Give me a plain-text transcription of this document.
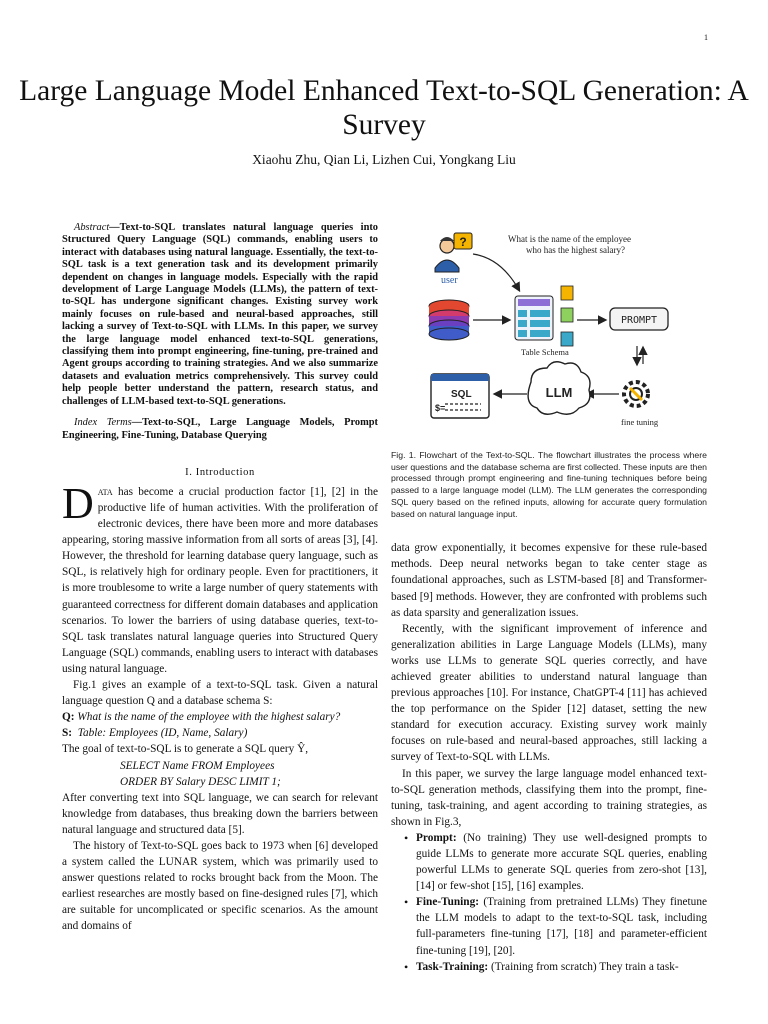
1
Large Language Model Enhanced Text-to-SQL Generation: A Survey
Xiaohu Zhu, Qian Li, Lizhen Cui, Yongkang Liu

Abstract—Text-to-SQL translates natural language queries into Structured Query Language (SQL) commands, enabling users to interact with databases using natural language. Essentially, the text-to-SQL task is a text generation task and its development primarily dependent on changes in language models. Especially with the rapid development of Large Language Models (LLMs), the pattern of text-to-SQL has undergone significant changes. Existing survey work mainly focuses on rule-based and neural-based approaches, still lacking a survey of Text-to-SQL with LLMs. In this paper, we survey the large language model enhanced text-to-SQL generations, classifying them into prompt engineering, fine-tuning, pre-trained and Agent groups according to training strategies. And we also summarize datasets and evaluation metrics comprehensively. This survey could help people better understand the pattern, research status, and challenges of LLM-based text-to-SQL generations.

Index Terms—Text-to-SQL, Large Language Models, Prompt Engineering, Fine-Tuning, Database Querying
I. Introduction

Data has become a crucial production factor [1], [2] in the productive life of human activities. With the proliferation of electronic devices, there have been more and more databases appearing, storing massive information from all sorts of areas [3], [4]. However, the threshold for learning database query language, such as SQL, is relatively high for ordinary people. Even for practitioners, it is more troublesome to write a large number of query statements with guaranteed correctness for different domain databases and application scenarios. To lower the barriers of using database queries, text-to-SQL task translates natural language queries into Structured Query Language (SQL) commands, enabling users to interact with databases using natural language.

Fig.1 gives an example of a text-to-SQL task. Given a natural language question Q and a database schema S:

Q: What is the name of the employee with the highest salary?

S: Table: Employees (ID, Name, Salary)

The goal of text-to-SQL is to generate a SQL query Ŷ,

SELECT Name FROM Employees

ORDER BY Salary DESC LIMIT 1;

After converting text into SQL language, we can search for relevant knowledge from databases, thus breaking down the barriers between natural language and structured data [5].

The history of Text-to-SQL goes back to 1973 when [6] developed a system called the LUNAR system, which was primarily used to answer questions related to rocks brought back from the Moon. The earliest researches are mostly based on fine-designed rules [7], which are suitable for uncomplicated or specific scenarios. As the amount and domains of

?
user
What is the name of the employee who has the highest salary?
Table Schema
PROMPT
fine tuning
LLM
SQL
$=

Fig. 1. Flowchart of the Text-to-SQL. The flowchart illustrates the process where user questions and the database schema are first collected. These inputs are then processed through prompt engineering and fine-tuning techniques before being passed to a large language model (LLM). The LLM generates the corresponding SQL query based on the refined inputs, allowing for accurate query formulation based on natural language input.

data grow exponentially, it becomes expensive for these rule-based methods. Deep neural networks began to take center stage as foundational approaches, such as LSTM-based [8] and Transformer-based [9] methods. However, they are confronted with problems such as data sparsity and generalization issues.

Recently, with the significant improvement of inference and generalization abilities in Large Language Models (LLMs), many works use LLMs to generate SQL queries correctly, and have achieved greater abilities to understand natural language than previous approaches [10]. For instance, ChatGPT-4 [11] has achieved the top performance on the Spider [12] dataset, setting the new standard for execution accuracy. Existing survey work mainly focuses on rule-based and neural-based approaches, still lacking a survey of Text-to-SQL with LLMs.

In this paper, we survey the large language model enhanced text-to-SQL generation methods, classifying them into the prompt, fine-tuning, task-training, and agent according to training strategies, as shown in Fig.3,

• Prompt: (No training) They use well-designed prompts to guide LLMs to generate more accurate SQL queries, enabling powerful LLMs to generate SQL queries from zero-shot [13], [14] or few-shot [15], [16] examples.
• Fine-Tuning: (Training from pretrained LLMs) They finetune the LLM models to adapt to the text-to-SQL task, including full-parameters fine-tuning [17], [18] and parameter-efficient fine-tuning [19], [20].
• Task-Training: (Training from scratch) They train a task-
